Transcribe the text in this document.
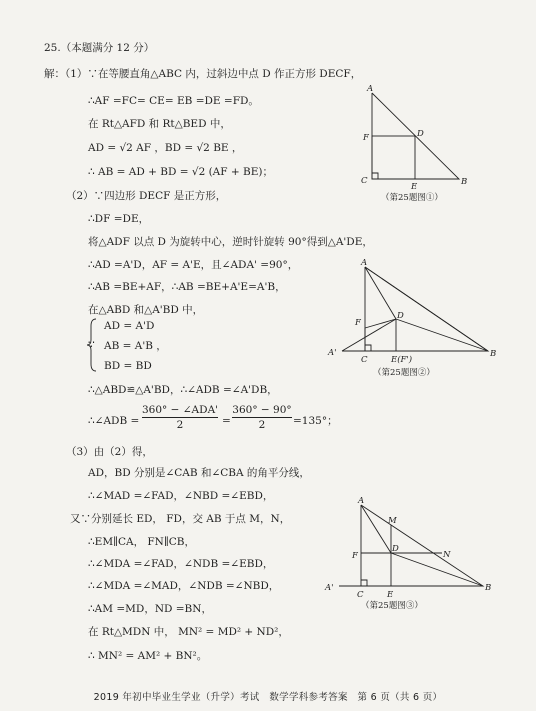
25.（本题满分 12 分）
解：（1）∵在等腰直角△ABC 内，过斜边中点 D 作正方形 DECF，
∴AF =FC= CE= EB =DE =FD。
在 Rt△AFD 和 Rt△BED 中，
AD = √2 AF ，BD = √2 BE ，
∴ AB = AD + BD = √2 (AF + BE)；
（2）∵四边形 DECF 是正方形，
∴DF =DE，
将△ADF 以点 D 为旋转中心，逆时针旋转 90°得到△A'DE，
∴AD =A'D，AF = A'E，且∠ADA' =90°，
∴AB =BE+AF，∴AB =BE+A'E=A'B，
在△ABD 和△A'BD 中，
∵
AD = A'D
AB = A'B ，
BD = BD
∴△ABD≌△A'BD，∴∠ADB =∠A'DB，
∴∠ADB =
360° − ∠ADA'
2	=
360° − 90°
2	=135°；
（3）由（2）得，
AD，BD 分别是∠CAB 和∠CBA 的角平分线，
∴∠MAD =∠FAD，∠NBD =∠EBD，
又∵分别延长 ED， FD，交 AB 于点 M，N，
∴EM∥CA， FN∥CB，
∴∠MDA =∠FAD，∠NDB =∠EBD，
∴∠MDA =∠MAD，∠NDB =∠NBD，
∴AM =MD，ND =BN，
在 Rt△MDN 中， MN² = MD² + ND²，
∴ MN² = AM² + BN²。
A
B
C
D
E
F
（第25题图①）
A
B
C
D
E(F')
F
A'
（第25题图②）
A
B
C
D
E
F
M
N
A'
（第25题图③）
2019 年初中毕业生学业（升学）考试　数学学科参考答案　第 6 页（共 6 页）
